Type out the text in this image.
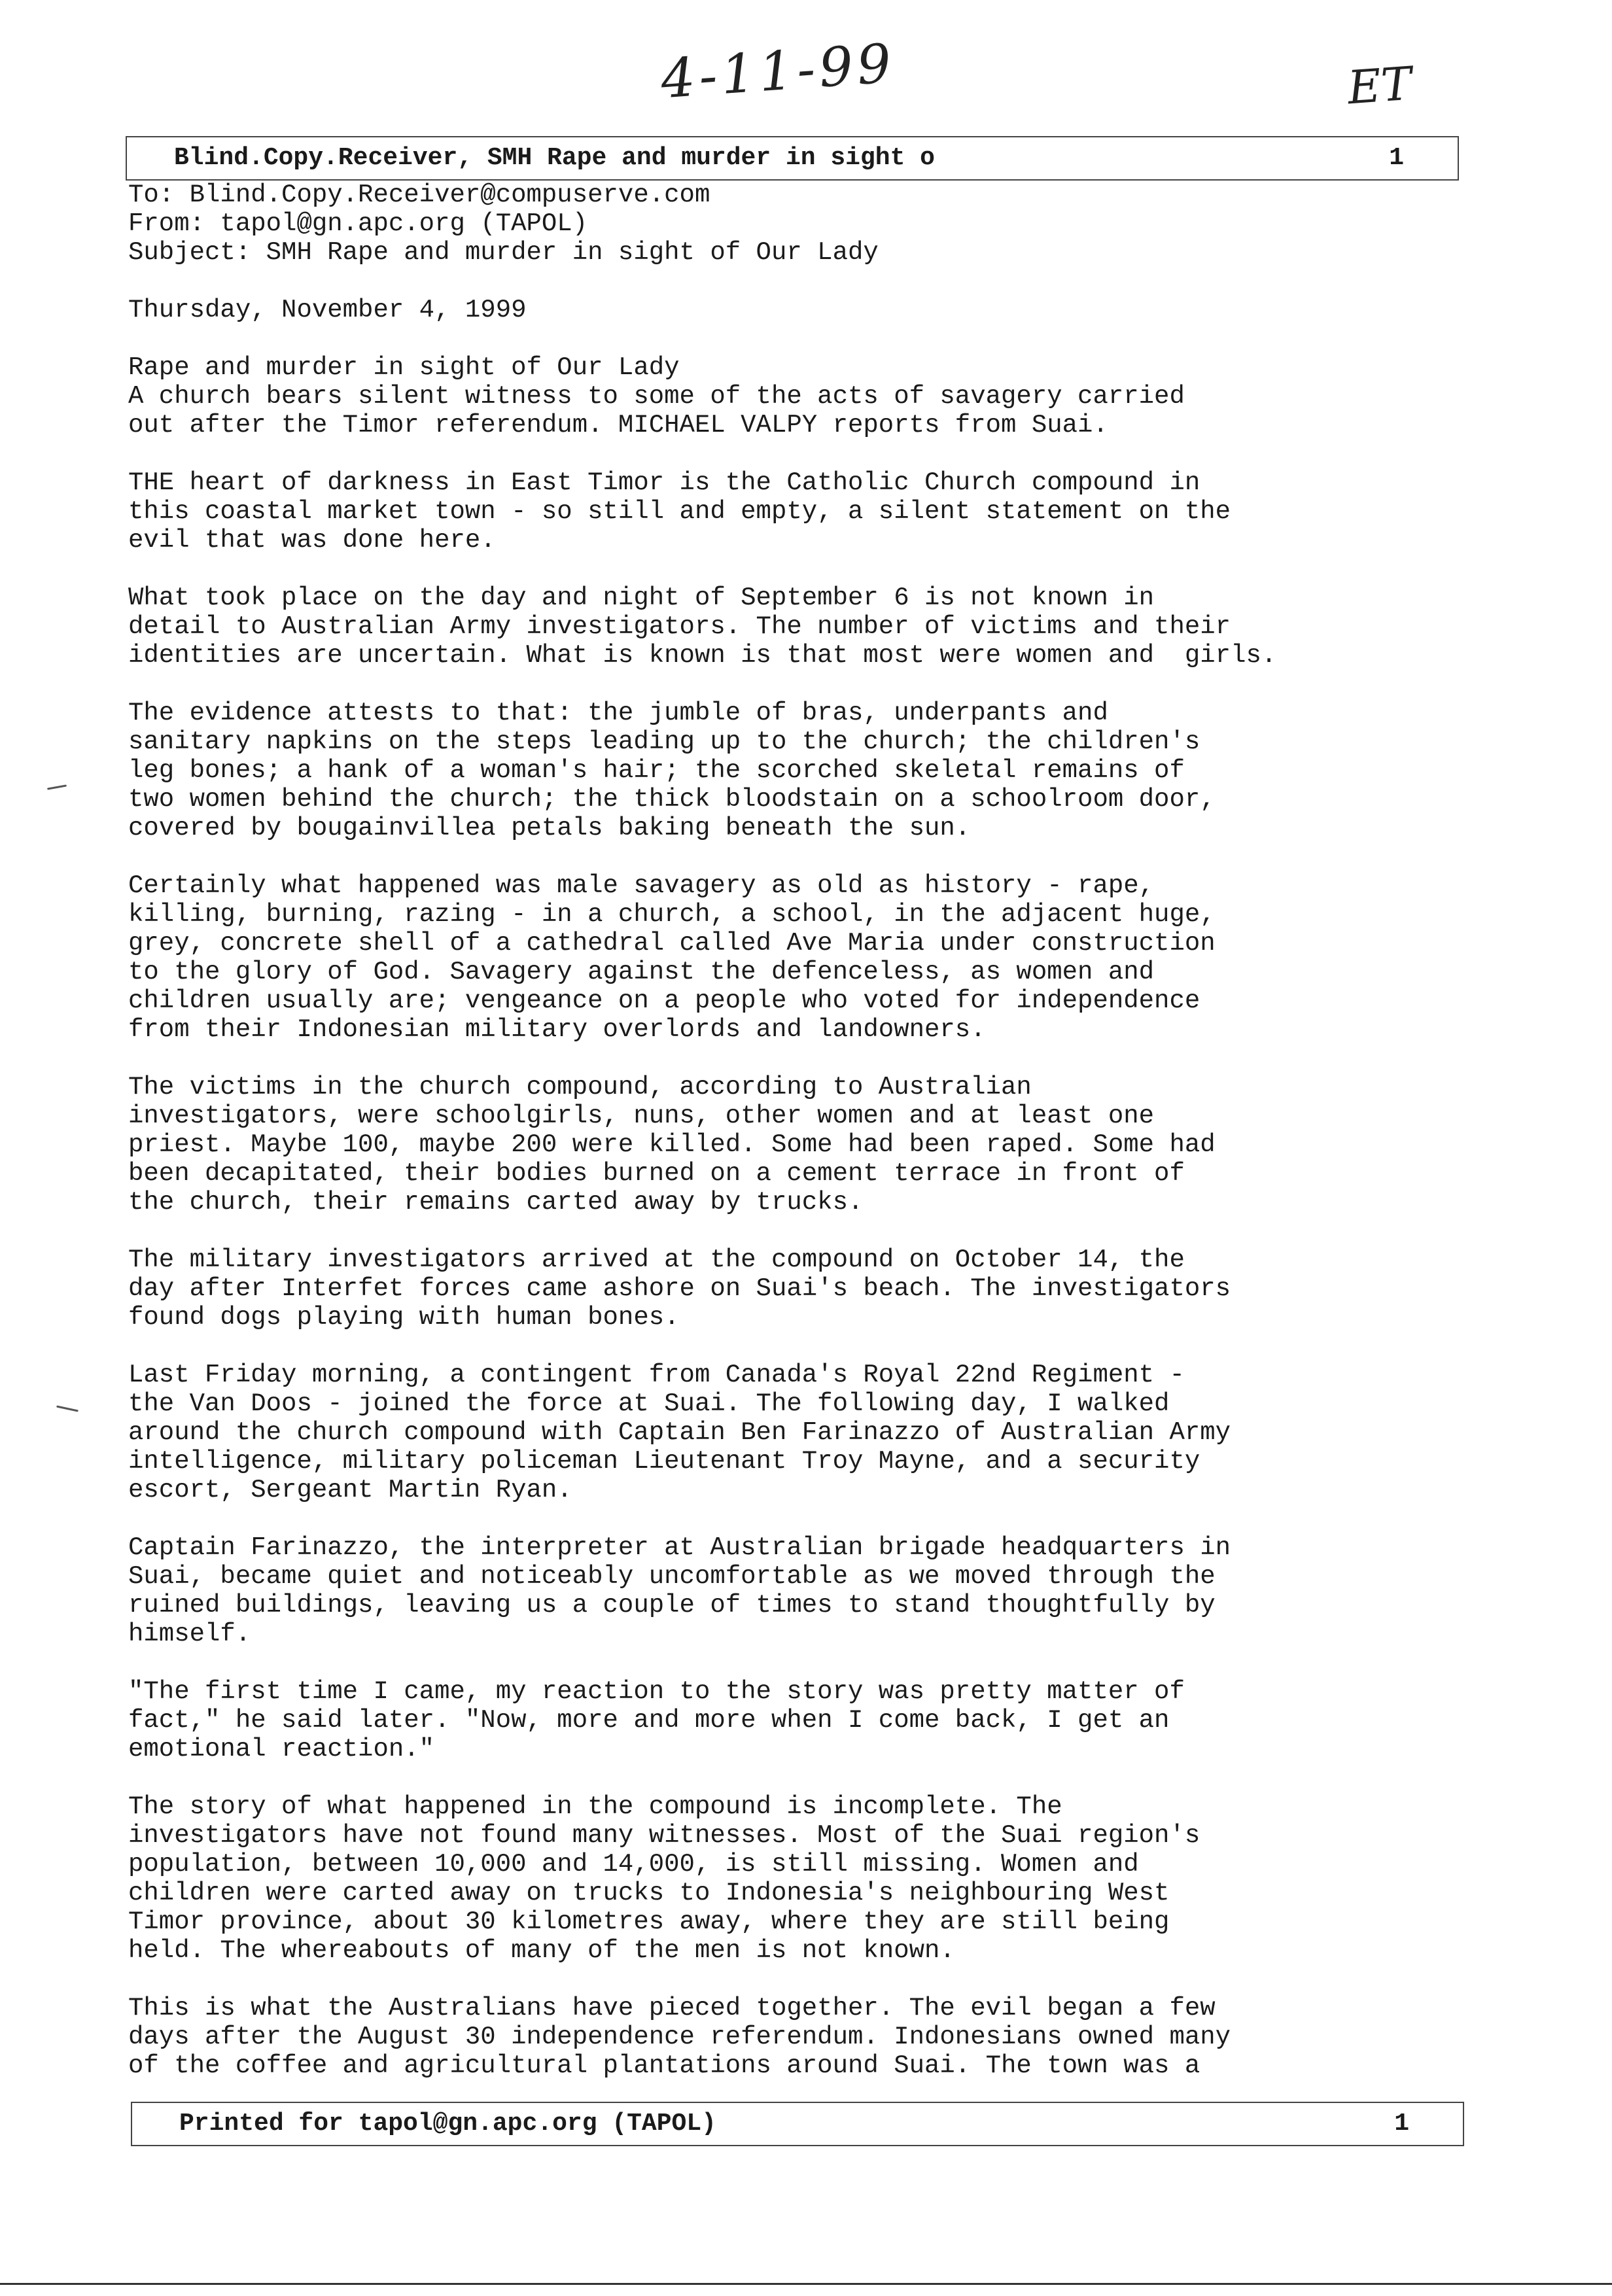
4-11-99	ET
Blind.Copy.Receiver, SMH Rape and murder in sight o	1
To: Blind.Copy.Receiver@compuserve.com
From: tapol@gn.apc.org (TAPOL)
Subject: SMH Rape and murder in sight of Our Lady
Thursday, November 4, 1999
Rape and murder in sight of Our Lady
A church bears silent witness to some of the acts of savagery carried
out after the Timor referendum. MICHAEL VALPY reports from Suai.
THE heart of darkness in East Timor is the Catholic Church compound in
this coastal market town - so still and empty, a silent statement on the
evil that was done here.
What took place on the day and night of September 6 is not known in
detail to Australian Army investigators. The number of victims and their
identities are uncertain. What is known is that most were women and  girls.
The evidence attests to that: the jumble of bras, underpants and
sanitary napkins on the steps leading up to the church; the children's
leg bones; a hank of a woman's hair; the scorched skeletal remains of
two women behind the church; the thick bloodstain on a schoolroom door,
covered by bougainvillea petals baking beneath the sun.
Certainly what happened was male savagery as old as history - rape,
killing, burning, razing - in a church, a school, in the adjacent huge,
grey, concrete shell of a cathedral called Ave Maria under construction
to the glory of God. Savagery against the defenceless, as women and
children usually are; vengeance on a people who voted for independence
from their Indonesian military overlords and landowners.
The victims in the church compound, according to Australian
investigators, were schoolgirls, nuns, other women and at least one
priest. Maybe 100, maybe 200 were killed. Some had been raped. Some had
been decapitated, their bodies burned on a cement terrace in front of
the church, their remains carted away by trucks.
The military investigators arrived at the compound on October 14, the
day after Interfet forces came ashore on Suai's beach. The investigators
found dogs playing with human bones.
Last Friday morning, a contingent from Canada's Royal 22nd Regiment -
the Van Doos - joined the force at Suai. The following day, I walked
around the church compound with Captain Ben Farinazzo of Australian Army
intelligence, military policeman Lieutenant Troy Mayne, and a security
escort, Sergeant Martin Ryan.
Captain Farinazzo, the interpreter at Australian brigade headquarters in
Suai, became quiet and noticeably uncomfortable as we moved through the
ruined buildings, leaving us a couple of times to stand thoughtfully by
himself.
"The first time I came, my reaction to the story was pretty matter of
fact," he said later. "Now, more and more when I come back, I get an
emotional reaction."
The story of what happened in the compound is incomplete. The
investigators have not found many witnesses. Most of the Suai region's
population, between 10,000 and 14,000, is still missing. Women and
children were carted away on trucks to Indonesia's neighbouring West
Timor province, about 30 kilometres away, where they are still being
held. The whereabouts of many of the men is not known.
This is what the Australians have pieced together. The evil began a few
days after the August 30 independence referendum. Indonesians owned many
of the coffee and agricultural plantations around Suai. The town was a
Printed for tapol@gn.apc.org (TAPOL)	1
